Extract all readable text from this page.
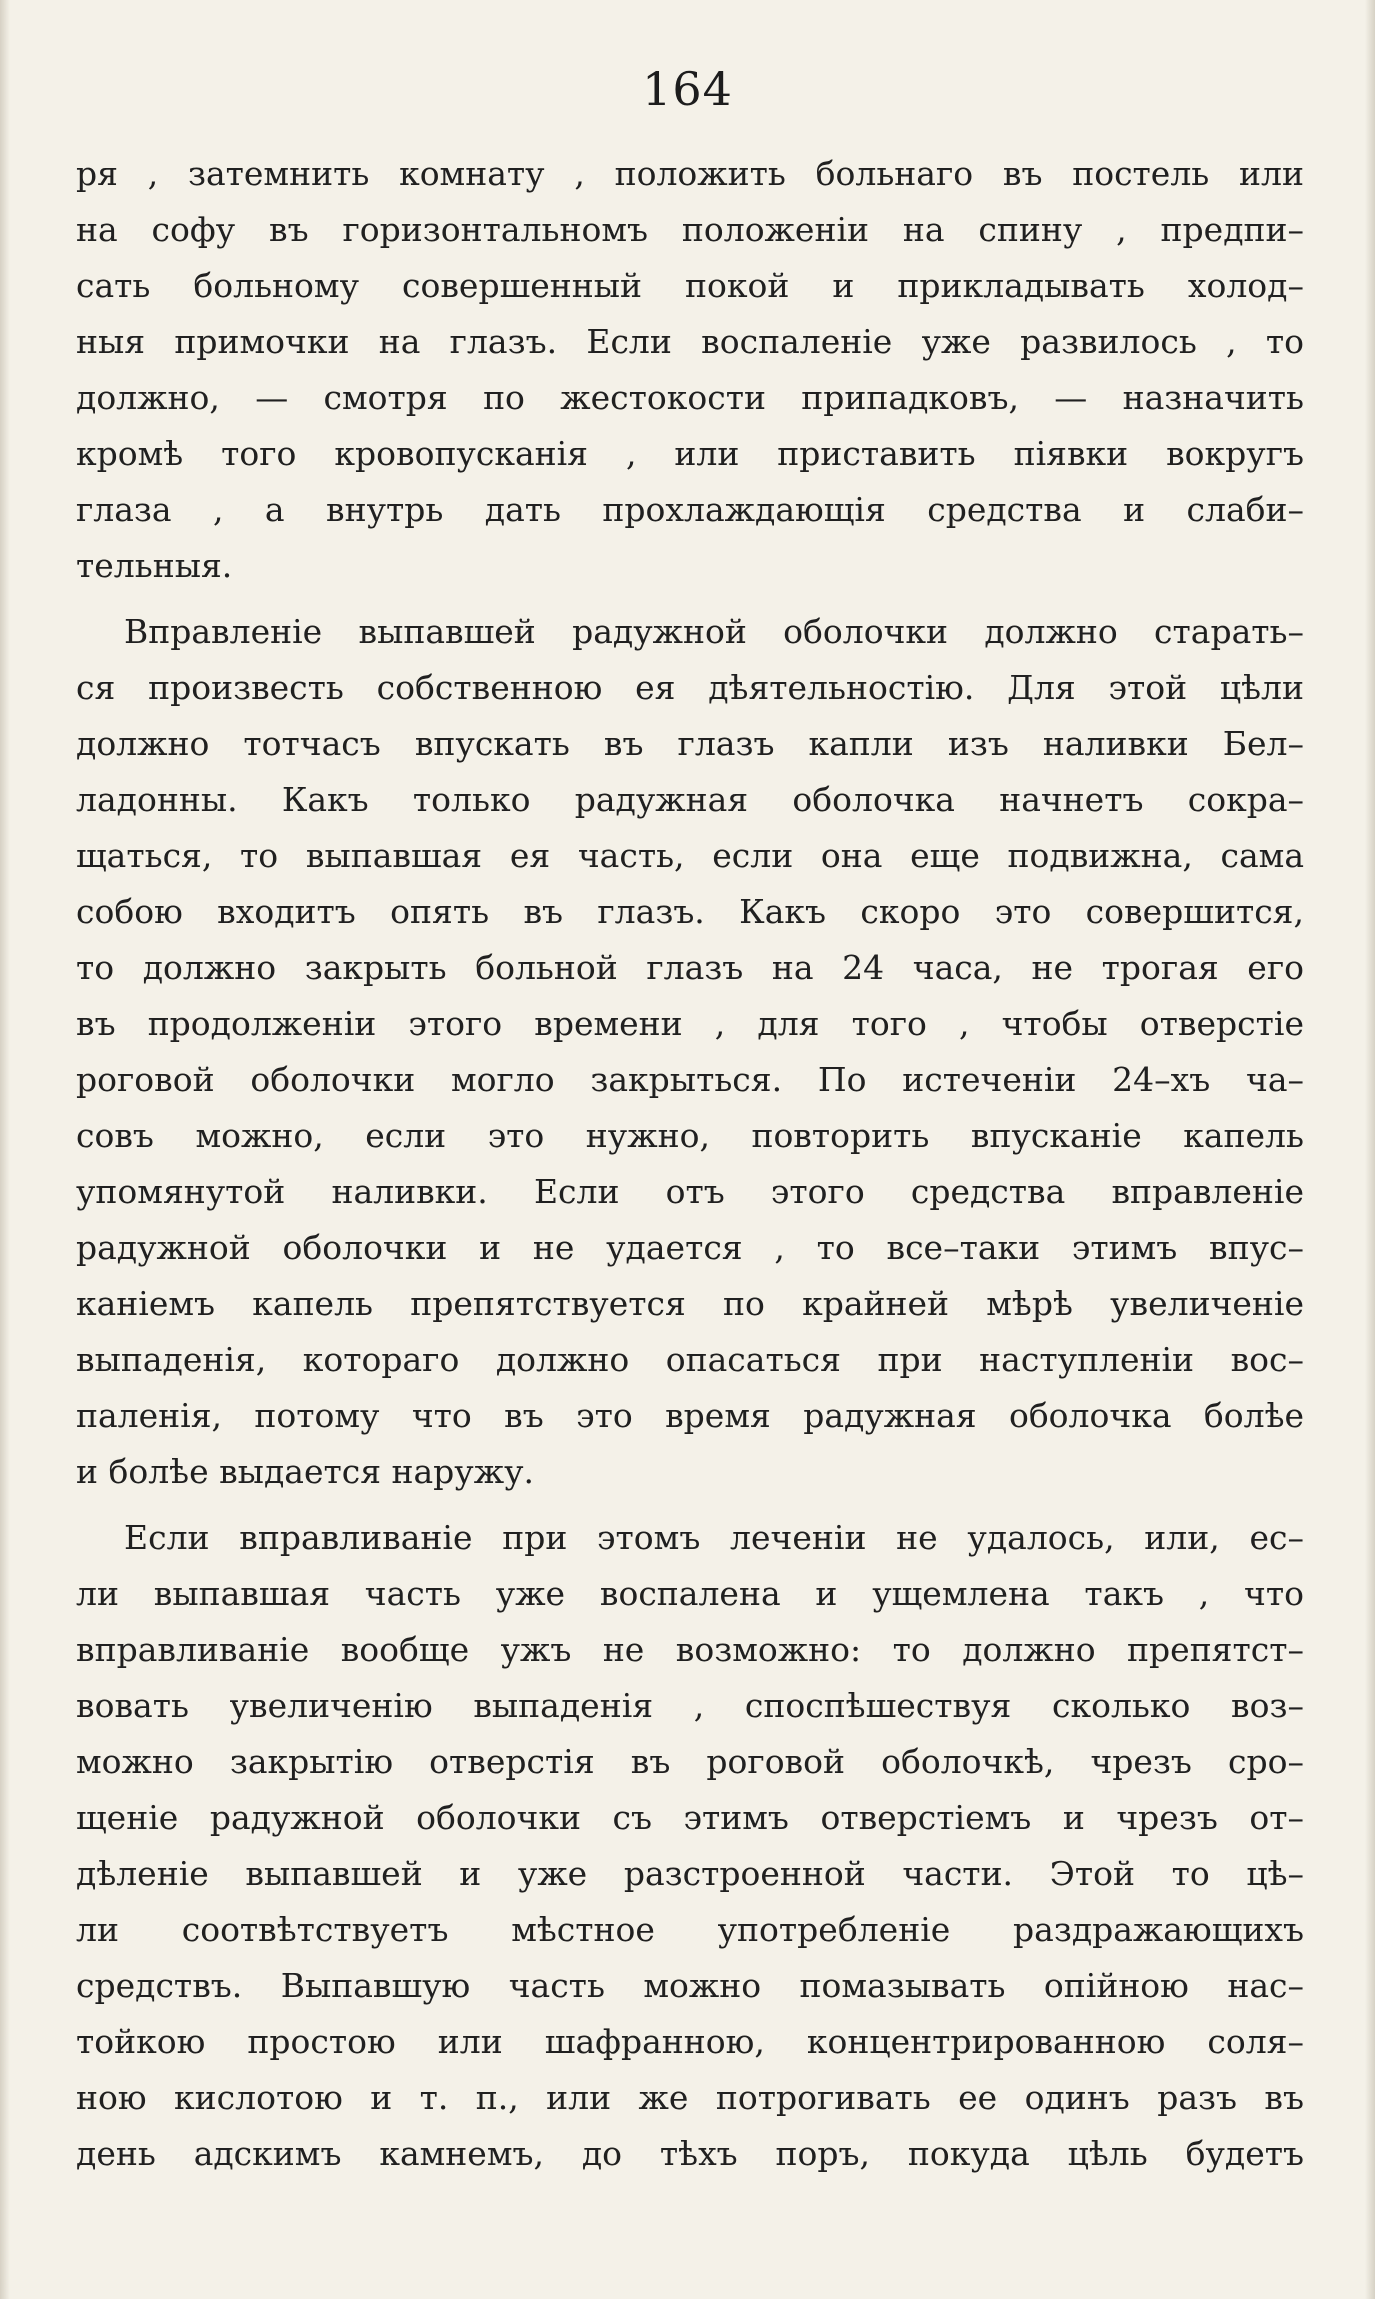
164
ря , затемнить комнату , положить больнаго въ постель или
на софу въ горизонтальномъ положеніи на спину , предпи–
сать больному совершенный покой и прикладывать холод–
ныя примочки на глазъ. Если воспаленіе уже развилось , то
должно, — смотря по жестокости припадковъ, — назначить
кромѣ того кровопусканія , или приставить піявки вокругъ
глаза , а внутрь дать прохлаждающія средства и слаби–
тельныя.
Вправленіе выпавшей радужной оболочки должно старать–
ся произвесть собственною ея дѣятельностію. Для этой цѣли
должно тотчасъ впускать въ глазъ капли изъ наливки Бел–
ладонны. Какъ только радужная оболочка начнетъ сокра–
щаться, то выпавшая ея часть, если она еще подвижна, сама
собою входитъ опять въ глазъ. Какъ скоро это совершится,
то должно закрыть больной глазъ на 24 часа, не трогая его
въ продолженіи этого времени , для того , чтобы отверстіе
роговой оболочки могло закрыться. По истеченіи 24–хъ ча–
совъ можно, если это нужно, повторить впусканіе капель
упомянутой наливки. Если отъ этого средства вправленіе
радужной оболочки и не удается , то все–таки этимъ впус–
каніемъ капель препятствуется по крайней мѣрѣ увеличеніе
выпаденія, котораго должно опасаться при наступленіи вос–
паленія, потому что въ это время радужная оболочка болѣе
и болѣе выдается наружу.
Если вправливаніе при этомъ леченіи не удалось, или, ес–
ли выпавшая часть уже воспалена и ущемлена такъ , что
вправливаніе вообще ужъ не возможно: то должно препятст–
вовать увеличенію выпаденія , споспѣшествуя сколько воз–
можно закрытію отверстія въ роговой оболочкѣ, чрезъ сро–
щеніе радужной оболочки съ этимъ отверстіемъ и чрезъ от–
дѣленіе выпавшей и уже разстроенной части. Этой то цѣ–
ли соотвѣтствуетъ мѣстное употребленіе раздражающихъ
средствъ. Выпавшую часть можно помазывать опійною нас–
тойкою простою или шафранною, концентрированною соля–
ною кислотою и т. п., или же потрогивать ее одинъ разъ въ
день адскимъ камнемъ, до тѣхъ поръ, покуда цѣль будетъ
